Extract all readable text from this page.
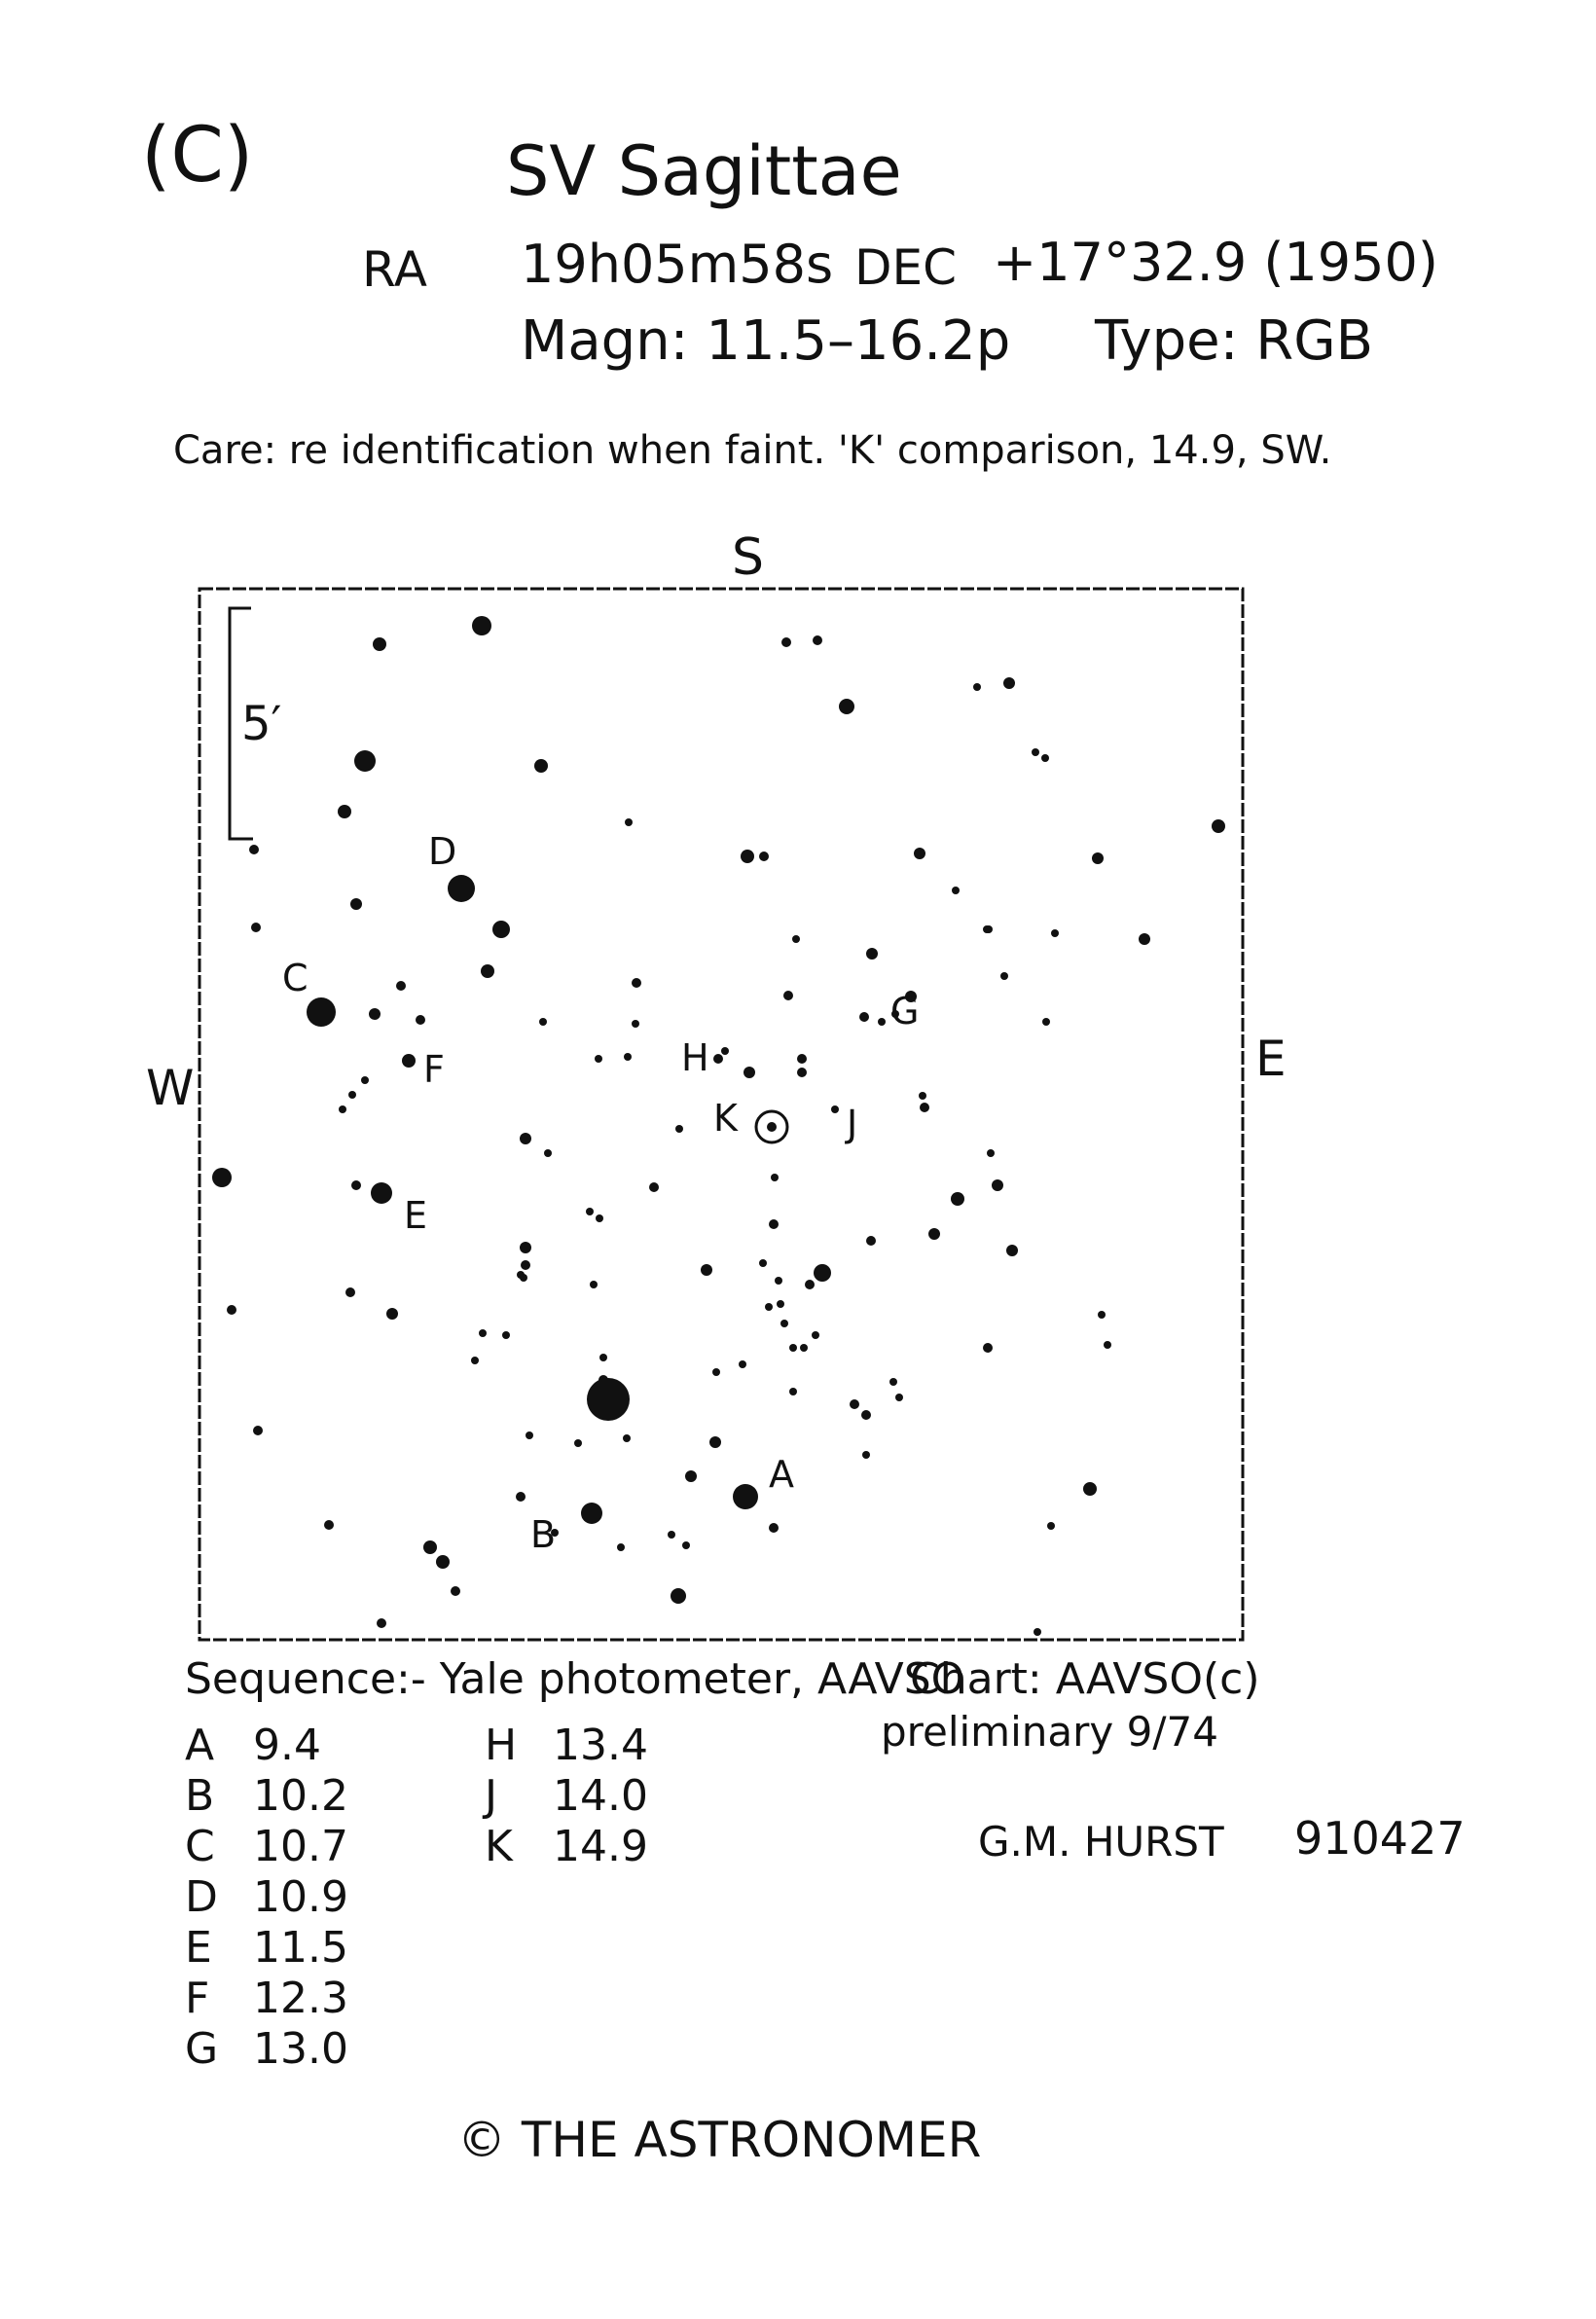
(C)	SV Sagittae
RA 19h05m58s DEC +17°32.9 (1950)
Magn: 11.5–16.2p Type: RGB
Care: re identification when faint. 'K' comparison, 14.9, SW.
5′
S
W
E
A
B
C
D
E
F
G
H
J
K
Sequence:- Yale photometer, AAVSO
A 9.4
B 10.2
C 10.7
D 10.9
E 11.5
F 12.3
G 13.0
H 13.4
J 14.0
K 14.9
Chart: AAVSO(c)
preliminary 9/74
G.M. HURST 910427
© THE ASTRONOMER
